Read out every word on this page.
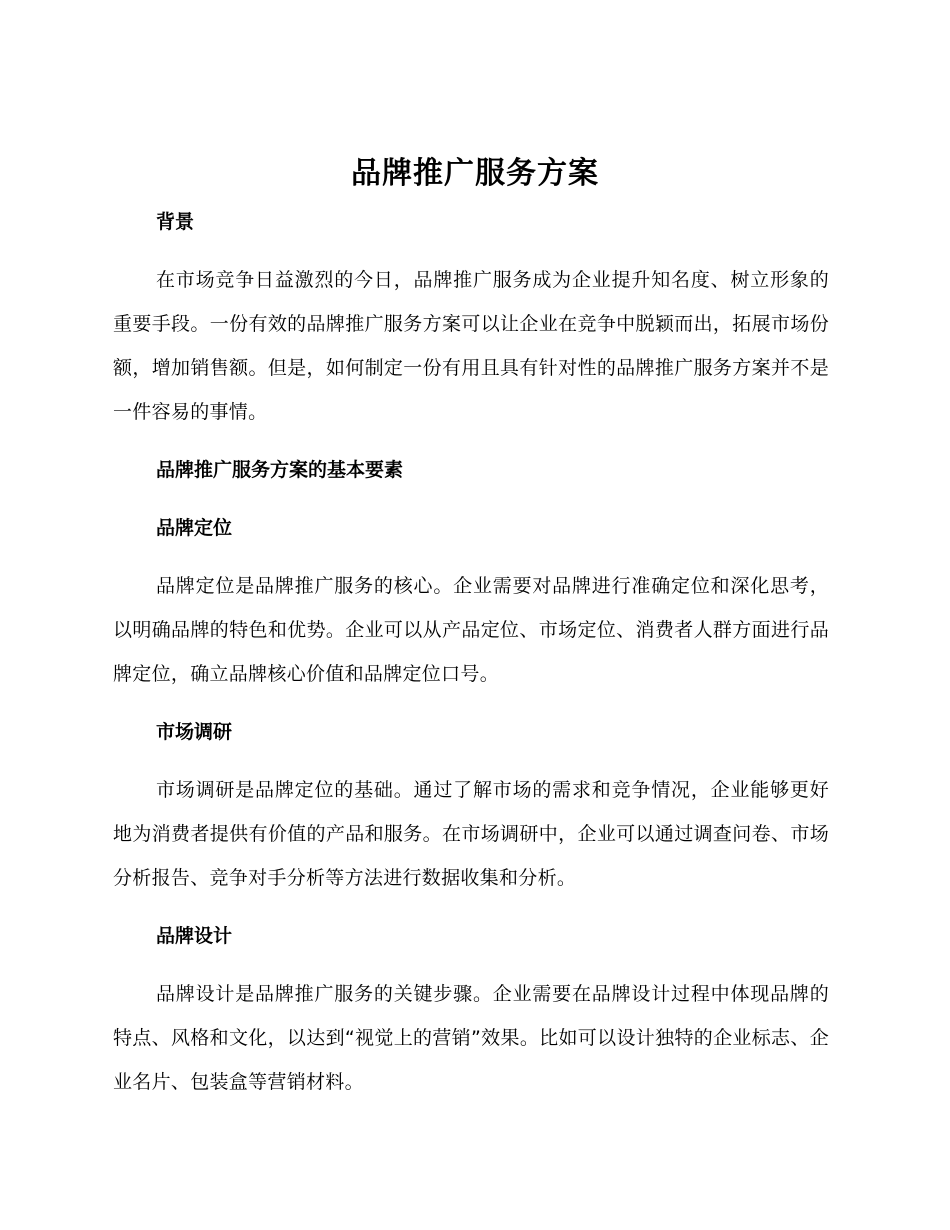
品牌推广服务方案
背景

在市场竞争日益激烈的今日，品牌推广服务成为企业提升知名度、树立形象的重要手段。一份有效的品牌推广服务方案可以让企业在竞争中脱颖而出，拓展市场份额，增加销售额。但是，如何制定一份有用且具有针对性的品牌推广服务方案并不是一件容易的事情。

品牌推广服务方案的基本要素
品牌定位

品牌定位是品牌推广服务的核心。企业需要对品牌进行准确定位和深化思考，以明确品牌的特色和优势。企业可以从产品定位、市场定位、消费者人群方面进行品牌定位，确立品牌核心价值和品牌定位口号。

市场调研

市场调研是品牌定位的基础。通过了解市场的需求和竞争情况，企业能够更好地为消费者提供有价值的产品和服务。在市场调研中，企业可以通过调查问卷、市场分析报告、竞争对手分析等方法进行数据收集和分析。

品牌设计

品牌设计是品牌推广服务的关键步骤。企业需要在品牌设计过程中体现品牌的特点、风格和文化，以达到“视觉上的营销”效果。比如可以设计独特的企业标志、企业名片、包装盒等营销材料。
